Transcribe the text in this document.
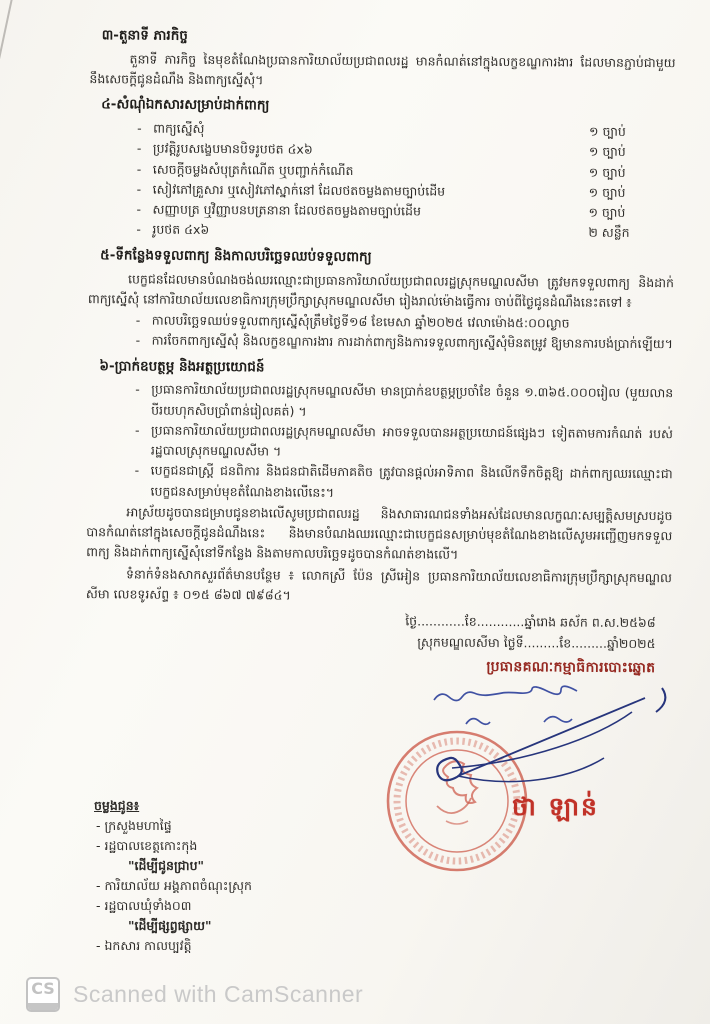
៣-តួនាទី ភារកិច្ច

តួនាទី ភារកិច្ច នៃមុខតំណែងប្រធានការិយាល័យប្រជាពលរដ្ឋ មានកំណត់នៅក្នុងលក្ខខណ្ឌការងារ ដែលមានភ្ជាប់ជាមួយនឹងសេចក្តីជូនដំណឹង និងពាក្យស្នើសុំ។

៤-សំណុំឯកសារសម្រាប់ដាក់ពាក្យ
- ពាក្យស្នើសុំ	១ ច្បាប់
- ប្រវត្តិរូបសង្ខេបមានបិទរូបថត ៤x៦	១ ច្បាប់
- សេចក្តីចម្លងសំបុត្រកំណើត ឬបញ្ជាក់កំណើត	១ ច្បាប់
- សៀវភៅគ្រួសារ ឬសៀវភៅស្នាក់នៅ ដែលថតចម្លងតាមច្បាប់ដើម	១ ច្បាប់
- សញ្ញាបត្រ ឬវិញ្ញាបនបត្រនានា ដែលថតចម្លងតាមច្បាប់ដើម	១ ច្បាប់
- រូបថត ៤x៦	២ សន្លឹក
៥-ទីកន្លែងទទួលពាក្យ និងកាលបរិច្ឆេទឈប់ទទួលពាក្យ

បេក្ខជនដែលមានបំណងចង់ឈរឈ្មោះជាប្រធានការិយាល័យប្រជាពលរដ្ឋស្រុកមណ្ឌលសីមា ត្រូវមកទទួលពាក្យ និងដាក់ពាក្យស្នើសុំ នៅការិយាល័យលេខាធិការក្រុមប្រឹក្សាស្រុកមណ្ឌលសីមា រៀងរាល់ម៉ោងធ្វើការ ចាប់ពីថ្ងៃជូនដំណឹងនេះតទៅ ៖

- កាលបរិច្ឆេទឈប់ទទួលពាក្យស្នើសុំត្រឹមថ្ងៃទី១៨ ខែមេសា ឆ្នាំ២០២៥ វេលាម៉ោង៥:០០ល្ងាច
- ការចែកពាក្យស្នើសុំ និងលក្ខខណ្ឌការងារ ការដាក់ពាក្យនិងការទទួលពាក្យស្នើសុំមិនតម្រូវ ឱ្យមានការបង់ប្រាក់ឡើយ។
៦-ប្រាក់ឧបត្ថម្ភ និងអត្ថប្រយោជន៍
- ប្រធានការិយាល័យប្រជាពលរដ្ឋស្រុកមណ្ឌលសីមា មានប្រាក់ឧបត្ថម្ភប្រចាំខែ ចំនួន ១.៣៦៥.០០០រៀល (មួយលាន បីរយហុកសិបប្រាំពាន់រៀលគត់) ។
- ប្រធានការិយាល័យប្រជាពលរដ្ឋស្រុកមណ្ឌលសីមា អាចទទួលបានអត្ថប្រយោជន៍ផ្សេងៗ ទៀតតាមការកំណត់ របស់រដ្ឋបាលស្រុកមណ្ឌលសីមា ។
- បេក្ខជនជាស្ត្រី ជនពិការ និងជនជាតិដើមភាគតិច ត្រូវបានផ្តល់អាទិភាព និងលើកទឹកចិត្តឱ្យ ដាក់ពាក្យឈរឈ្មោះជាបេក្ខជនសម្រាប់មុខតំណែងខាងលើនេះ។

អាស្រ័យដូចបានជម្រាបជូនខាងលើសូមប្រជាពលរដ្ឋ និងសាធារណជនទាំងអស់ដែលមានលក្ខណៈសម្បត្តិសមស្របដូចបានកំណត់នៅក្នុងសេចក្តីជូនដំណឹងនេះ និងមានបំណងឈរឈ្មោះជាបេក្ខជនសម្រាប់មុខតំណែងខាងលើសូមអញ្ជើញមកទទួលពាក្យ និងដាក់ពាក្យស្នើសុំនៅទីកន្លែង និងតាមកាលបរិច្ឆេទដូចបានកំណត់ខាងលើ។

ទំនាក់ទំនងសាកសួរព័ត៌មានបន្ថែម ៖ លោកស្រី ប៉ែន ស្រីអៀន ប្រធានការិយាល័យលេខាធិការក្រុមប្រឹក្សាស្រុកមណ្ឌលសីមា លេខទូរស័ព្ទ ៖ ០១៥ ៨៦៧ ៧៩៨៤។

ថ្ងៃ............ខែ............ឆ្នាំរោង ឆស័ក ព.ស.២៥៦៨
ស្រុកមណ្ឌលសីមា ថ្ងៃទី.........ខែ.........ឆ្នាំ២០២៥
ប្រធានគណៈកម្មាធិការបោះឆ្នោត
ថា ឡាន់
ចម្លងជូន៖
- ក្រសួងមហាផ្ទៃ
- រដ្ឋបាលខេត្តកោះកុង
"ដើម្បីជូនជ្រាប"
- ការិយាល័យ អង្គភាពចំណុះស្រុក
- រដ្ឋបាលឃុំទាំង០៣
"ដើម្បីផ្សព្វផ្សាយ"
- ឯកសារ កាលប្បវត្តិ
CS Scanned with CamScanner
